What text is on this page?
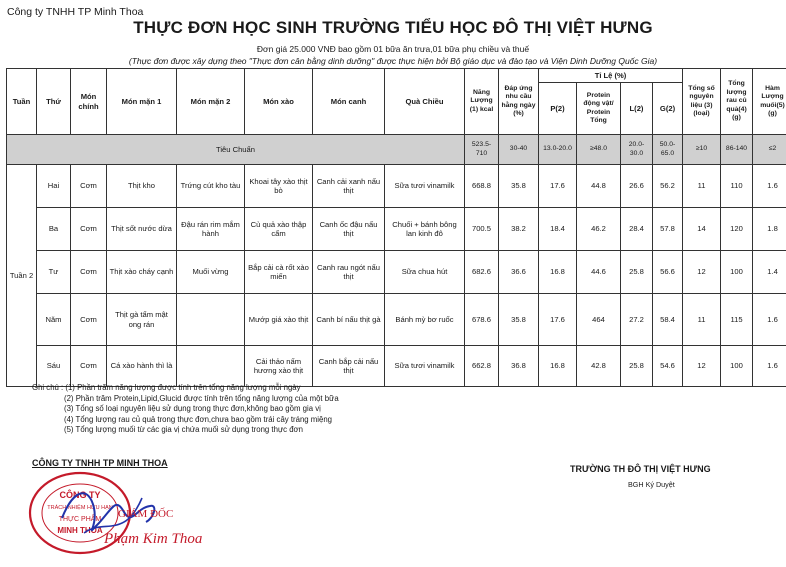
Công ty TNHH TP Minh Thoa
THỰC ĐƠN HỌC SINH TRƯỜNG TIỂU HỌC ĐÔ THỊ VIỆT HƯNG
Đơn giá 25.000 VNĐ bao gồm 01 bữa ăn trưa,01 bữa phụ chiều và thuế
(Thực đơn được xây dựng theo "Thực đơn cân bằng dinh dưỡng" được thực hiện bởi Bộ giáo dục và đào tạo và Viện Dinh Dưỡng Quốc Gia)
Tuần	Thứ	Món chính	Món mặn 1	Món mặn 2	Món xào	Món canh	Quà Chiều	Năng Lượng (1) kcal	Đáp ứng nhu cầu hằng ngày (%)	Tỉ Lệ (%)				Tổng số nguyên liệu (3) (loại)	Tổng lượng rau củ quả(4) (g)	Hàm Lượng muối(5) (g)
										P(2)	Protein động vật/ Protein Tổng	L(2)	G(2)			
Tiêu Chuẩn								523.5-710	30-40	13.0-20.0	≥48.0	20.0-30.0	50.0-65.0	≥10	86-140	≤2
Tuần 2	Hai	Cơm	Thịt kho	Trứng cút kho tàu	Khoai tây xào thịt bò	Canh cải xanh nấu thịt	Sữa tươi vinamilk	668.8	35.8	17.6	44.8	26.6	56.2	11	110	1.6
	Ba	Cơm	Thịt sốt nước dừa	Đậu rán rim mắm hành	Củ quả xào thập cẩm	Canh ốc đậu nấu thịt	Chuối + bánh bông lan kinh đô	700.5	38.2	18.4	46.2	28.4	57.8	14	120	1.8
	Tư	Cơm	Thịt xào cháy cạnh	Muối vừng	Bắp cải cà rốt xào miến	Canh rau ngót nấu thịt	Sữa chua hút	682.6	36.6	16.8	44.6	25.8	56.6	12	100	1.4
	Năm	Cơm	Thịt gà tẩm mật ong rán		Mướp giá xào thịt	Canh bí nấu thịt gà	Bánh mỳ bơ ruốc	678.6	35.8	17.6	464	27.2	58.4	11	115	1.6
	Sáu	Cơm	Cá xào hành thì là		Cải thảo nấm hương xào thịt	Canh bắp cải nấu thịt	Sữa tươi vinamilk	662.8	36.8	16.8	42.8	25.8	54.6	12	100	1.6
Ghi chú : (1) Phần trăm năng lượng được tính trên tổng năng lượng mỗi ngày
(2) Phần trăm Protein,Lipid,Glucid được tính trên tổng năng lượng của một bữa
(3) Tổng số loại nguyên liệu sử dụng trong thực đơn,không bao gồm gia vị
(4) Tổng lượng rau củ quả trong thực đơn,chưa bao gồm trái cây tráng miệng
(5) Tổng lượng muối từ các gia vị chứa muối sử dụng trong thực đơn
CÔNG TY TNHH TP MINH THOA
CÔNG TY
TRÁCH NHIỆM HỮU HẠN
THỰC PHẨM
MINH THOA
GIÁM ĐỐC
Phạm Kim Thoa
TRƯỜNG TH ĐÔ THỊ VIỆT HƯNG
BGH Ký Duyệt
